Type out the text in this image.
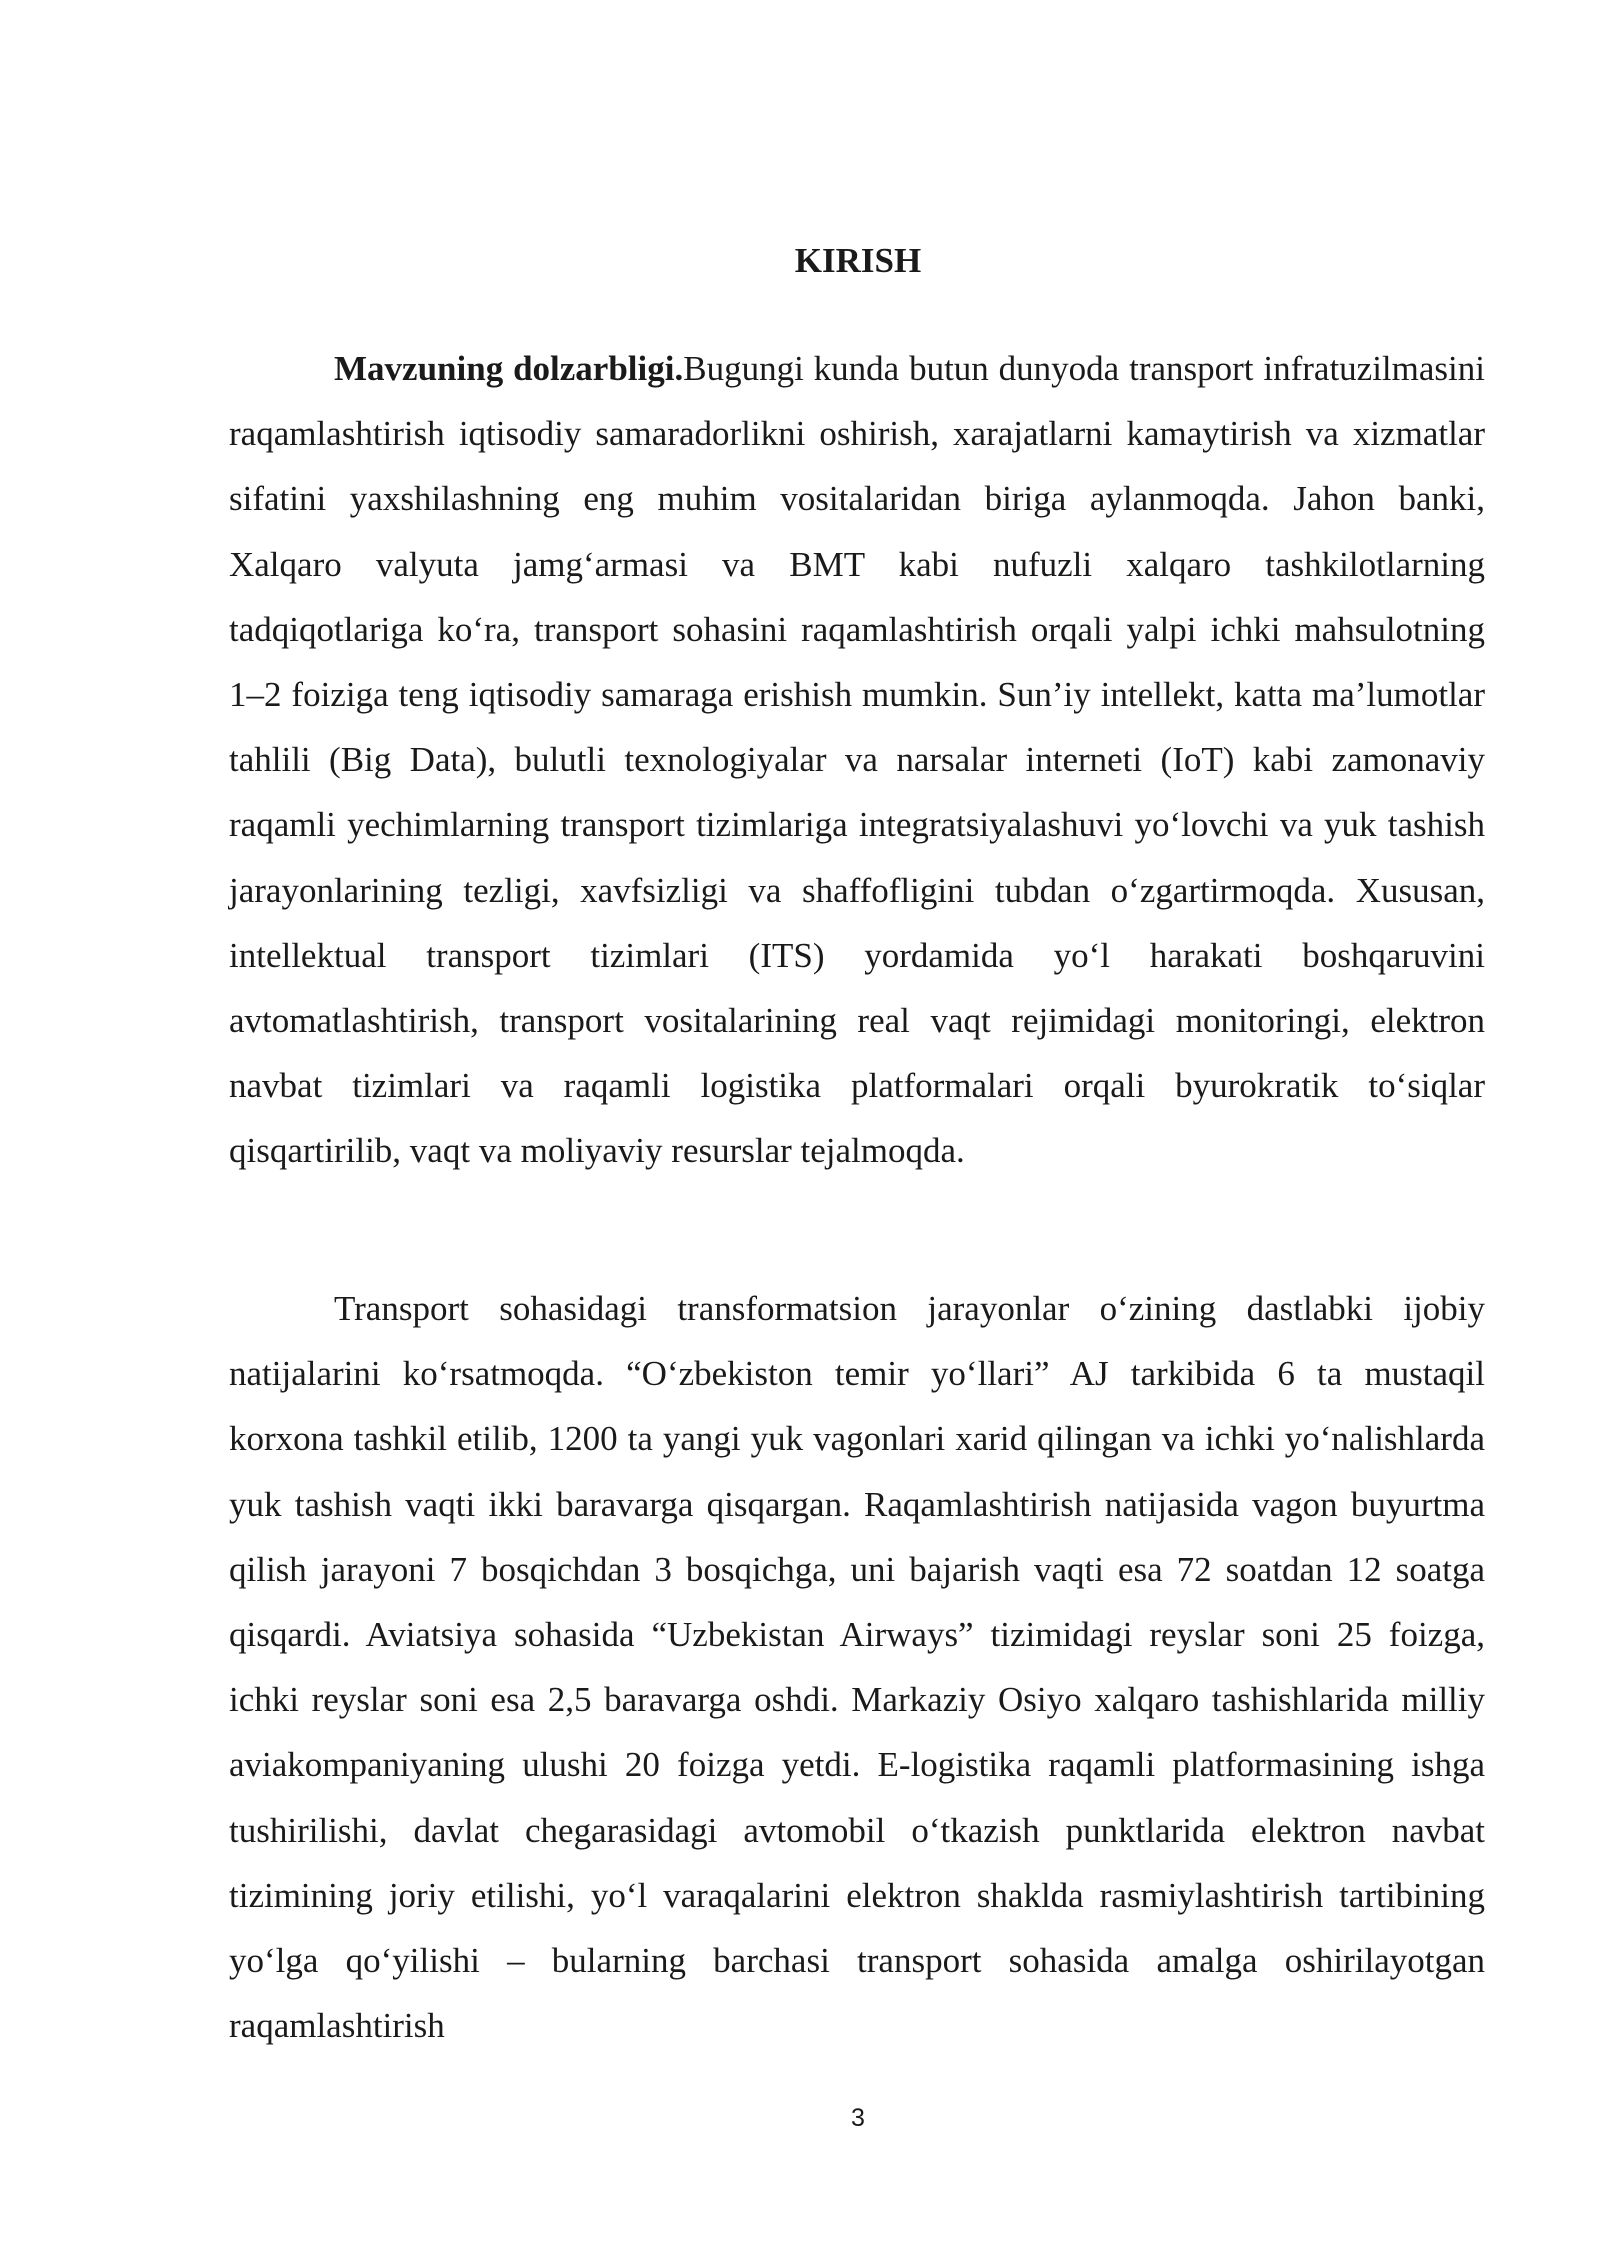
KIRISH

Mavzuning dolzarbligi.Bugungi kunda butun dunyoda transport infratuzilmasini raqamlashtirish iqtisodiy samaradorlikni oshirish, xarajatlarni kamaytirish va xizmatlar sifatini yaxshilashning eng muhim vositalaridan biriga aylanmoqda. Jahon banki, Xalqaro valyuta jamg‘armasi va BMT kabi nufuzli xalqaro tashkilotlarning tadqiqotlariga ko‘ra, transport sohasini raqamlashtirish orqali yalpi ichki mahsulotning 1–2 foiziga teng iqtisodiy samaraga erishish mumkin. Sun’iy intellekt, katta ma’lumotlar tahlili (Big Data), bulutli texnologiyalar va narsalar interneti (IoT) kabi zamonaviy raqamli yechimlarning transport tizimlariga integratsiyalashuvi yo‘lovchi va yuk tashish jarayonlarining tezligi, xavfsizligi va shaffofligini tubdan o‘zgartirmoqda. Xususan, intellektual transport tizimlari (ITS) yordamida yo‘l harakati boshqaruvini avtomatlashtirish, transport vositalarining real vaqt rejimidagi monitoringi, elektron navbat tizimlari va raqamli logistika platformalari orqali byurokratik to‘siqlar qisqartirilib, vaqt va moliyaviy resurslar tejalmoqda.

Transport sohasidagi transformatsion jarayonlar o‘zining dastlabki ijobiy natijalarini ko‘rsatmoqda. “O‘zbekiston temir yo‘llari” AJ tarkibida 6 ta mustaqil korxona tashkil etilib, 1200 ta yangi yuk vagonlari xarid qilingan va ichki yo‘nalishlarda yuk tashish vaqti ikki baravarga qisqargan. Raqamlashtirish natijasida vagon buyurtma qilish jarayoni 7 bosqichdan 3 bosqichga, uni bajarish vaqti esa 72 soatdan 12 soatga qisqardi. Aviatsiya sohasida “Uzbekistan Airways” tizimidagi reyslar soni 25 foizga, ichki reyslar soni esa 2,5 baravarga oshdi. Markaziy Osiyo xalqaro tashishlarida milliy aviakompaniyaning ulushi 20 foizga yetdi. E-logistika raqamli platformasining ishga tushirilishi, davlat chegarasidagi avtomobil o‘tkazish punktlarida elektron navbat tizimining joriy etilishi, yo‘l varaqalarini elektron shakldа rasmiylashtirish tartibining yo‘lga qo‘yilishi – bularning barchasi transport sohasida amalga oshirilayotgan raqamlashtirish

3
